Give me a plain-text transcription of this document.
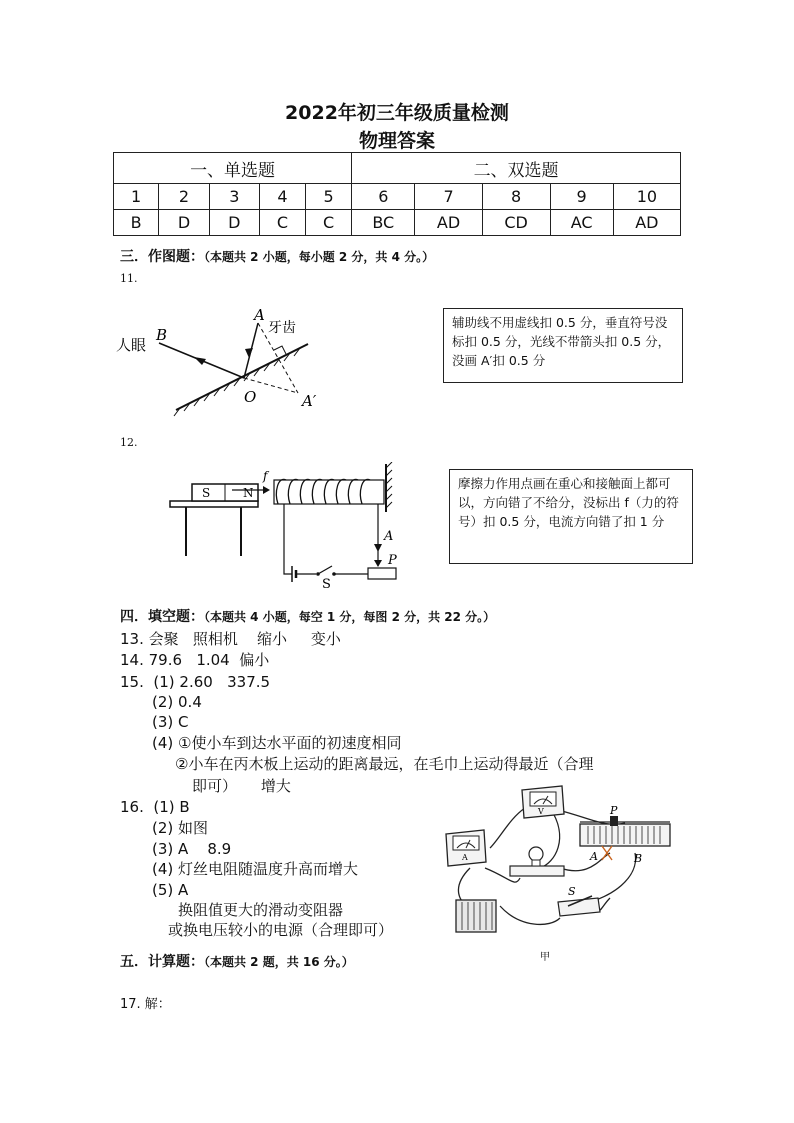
2022年初三年级质量检测
物理答案
一、单选题					二、双选题				
1	2	3	4	5	6	7	8	9	10
B	D	D	C	C	BC	AD	CD	AC	AD
三．作图题：（本题共 2 小题，每小题 2 分，共 4 分。）
11.
人眼
B
A
牙齿
O	A′
辅助线不用虚线扣 0.5 分，垂直符号没标扣 0.5 分，光线不带箭头扣 0.5 分，没画 A′扣 0.5 分
12.
S	N
f
A
P
S
摩擦力作用点画在重心和接触面上都可以，方向错了不给分，没标出 f（力的符号）扣 0.5 分，电流方向错了扣 1 分
四．填空题：（本题共 4 小题，每空 1 分，每图 2 分，共 22 分。）
13. 会聚   照相机    缩小     变小
14. 79.6   1.04  偏小
15.  (1) 2.60   337.5
(2) 0.4
(3) C
(4) ①使小车到达水平面的初速度相同
②小车在丙木板上运动的距离最远，在毛巾上运动得最近（合理
即可）     增大
16.  (1) B
(2) 如图
(3) A    8.9
(4) 灯丝电阻随温度升高而增大
(5) A
换阻值更大的滑动变阻器
或换电压较小的电源（合理即可）
V	P
A	B
A
S
甲
五．计算题：（本题共 2 题，共 16 分。）
17. 解：
